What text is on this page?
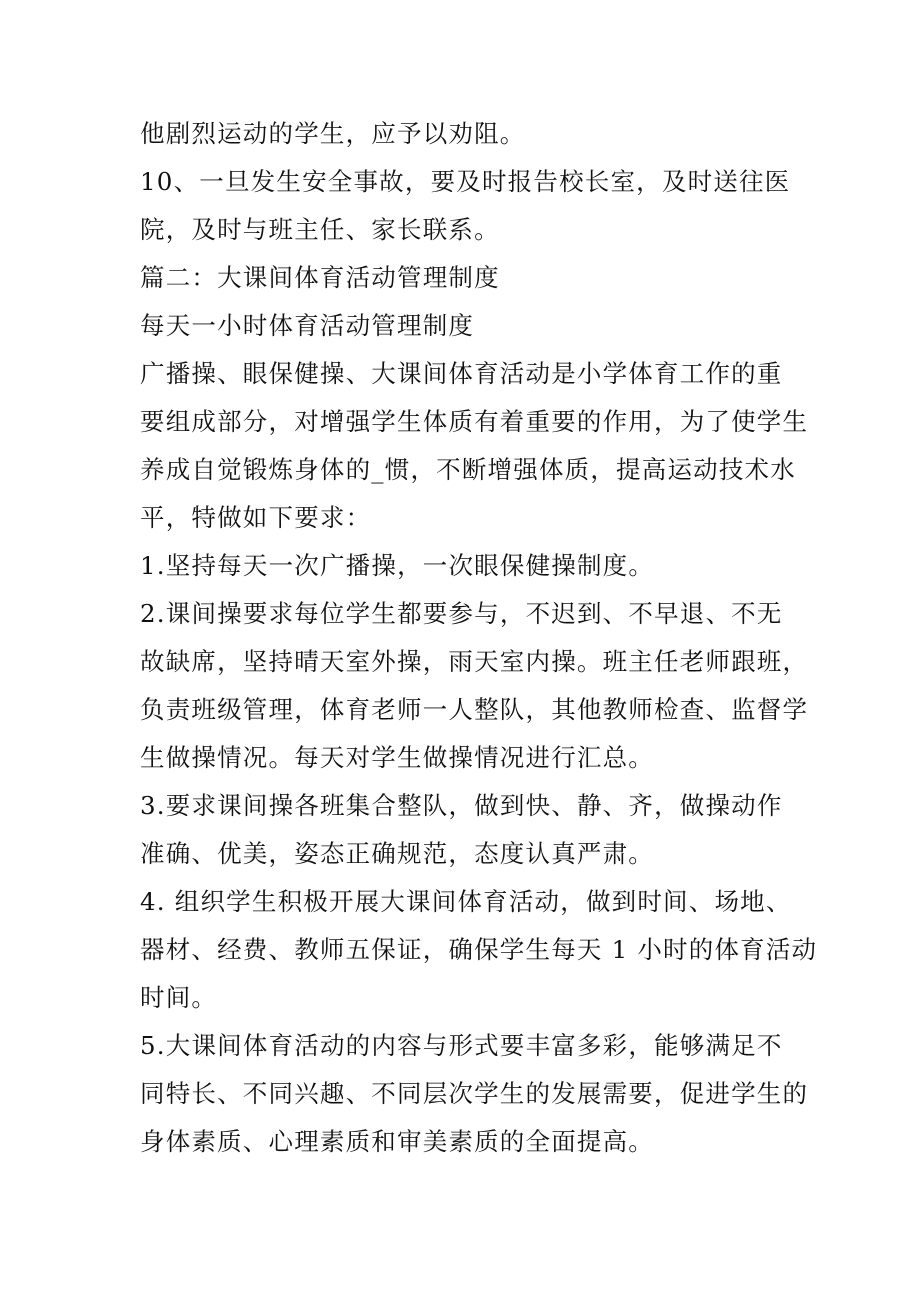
他剧烈运动的学生，应予以劝阻。
10、一旦发生安全事故，要及时报告校长室，及时送往医
院，及时与班主任、家长联系。
篇二：大课间体育活动管理制度
每天一小时体育活动管理制度
广播操、眼保健操、大课间体育活动是小学体育工作的重
要组成部分，对增强学生体质有着重要的作用，为了使学生
养成自觉锻炼身体的_惯，不断增强体质，提高运动技术水
平，特做如下要求：
1.坚持每天一次广播操，一次眼保健操制度。
2.课间操要求每位学生都要参与，不迟到、不早退、不无
故缺席，坚持晴天室外操，雨天室内操。班主任老师跟班，
负责班级管理，体育老师一人整队，其他教师检查、监督学
生做操情况。每天对学生做操情况进行汇总。
3.要求课间操各班集合整队，做到快、静、齐，做操动作
准确、优美，姿态正确规范，态度认真严肃。
4. 组织学生积极开展大课间体育活动，做到时间、场地、
器材、经费、教师五保证，确保学生每天 1 小时的体育活动
时间。
5.大课间体育活动的内容与形式要丰富多彩，能够满足不
同特长、不同兴趣、不同层次学生的发展需要，促进学生的
身体素质、心理素质和审美素质的全面提高。
